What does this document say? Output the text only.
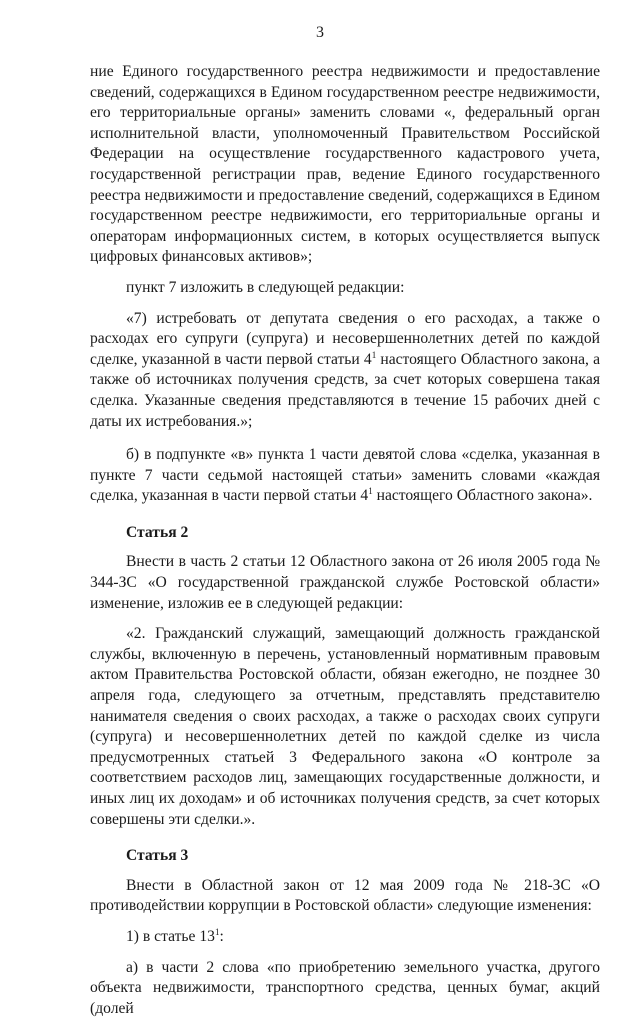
3

ние Единого государственного реестра недвижимости и предоставление сведений, содержащихся в Едином государственном реестре недвижимости, его территориальные органы» заменить словами «, федеральный орган исполнительной власти, уполномоченный Правительством Российской Федерации на осуществление государственного кадастрового учета, государственной регистрации прав, ведение Единого государственного реестра недвижимости и предоставление сведений, содержащихся в Едином государственном реестре недвижимости, его территориальные органы и операторам информационных систем, в которых осуществляется выпуск цифровых финансовых активов»;

пункт 7 изложить в следующей редакции:

«7) истребовать от депутата сведения о его расходах, а также о расходах его супруги (супруга) и несовершеннолетних детей по каждой сделке, указанной в части первой статьи $4^1$ настоящего Областного закона, а также об источниках получения средств, за счет которых совершена такая сделка. Указанные сведения представляются в течение 15 рабочих дней с даты их истребования.»;

б) в подпункте «в» пункта 1 части девятой слова «сделка, указанная в пункте 7 части седьмой настоящей статьи» заменить словами «каждая сделка, указанная в части первой статьи $4^1$ настоящего Областного закона».

Статья 2

Внести в часть 2 статьи 12 Областного закона от 26 июля 2005 года № 344-ЗС «О государственной гражданской службе Ростовской области» изменение, изложив ее в следующей редакции:

«2. Гражданский служащий, замещающий должность гражданской службы, включенную в перечень, установленный нормативным правовым актом Правительства Ростовской области, обязан ежегодно, не позднее 30 апреля года, следующего за отчетным, представлять представителю нанимателя сведения о своих расходах, а также о расходах своих супруги (супруга) и несовершеннолетних детей по каждой сделке из числа предусмотренных статьей 3 Федерального закона «О контроле за соответствием расходов лиц, замещающих государственные должности, и иных лиц их доходам» и об источниках получения средств, за счет которых совершены эти сделки.».

Статья 3

Внести в Областной закон от 12 мая 2009 года № 218-ЗС «О противодействии коррупции в Ростовской области» следующие изменения:

1) в статье $13^1$:

а) в части 2 слова «по приобретению земельного участка, другого объекта недвижимости, транспортного средства, ценных бумаг, акций (долей
